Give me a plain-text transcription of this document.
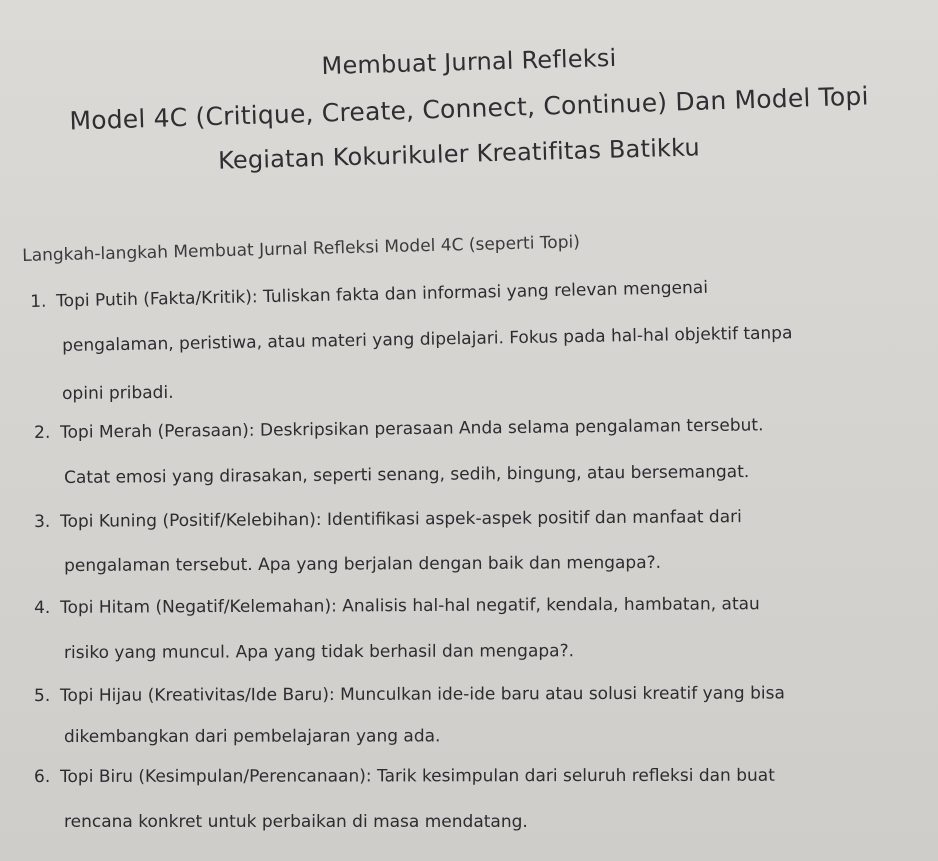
Membuat Jurnal Refleksi
Model 4C (Critique, Create, Connect, Continue) Dan Model Topi
Kegiatan Kokurikuler Kreatifitas Batikku
Langkah-langkah Membuat Jurnal Refleksi Model 4C (seperti Topi)
1. Topi Putih (Fakta/Kritik): Tuliskan fakta dan informasi yang relevan mengenai
pengalaman, peristiwa, atau materi yang dipelajari. Fokus pada hal-hal objektif tanpa
opini pribadi.
2. Topi Merah (Perasaan): Deskripsikan perasaan Anda selama pengalaman tersebut.
Catat emosi yang dirasakan, seperti senang, sedih, bingung, atau bersemangat.
3. Topi Kuning (Positif/Kelebihan): Identifikasi aspek-aspek positif dan manfaat dari
pengalaman tersebut. Apa yang berjalan dengan baik dan mengapa?.
4. Topi Hitam (Negatif/Kelemahan): Analisis hal-hal negatif, kendala, hambatan, atau
risiko yang muncul. Apa yang tidak berhasil dan mengapa?.
5. Topi Hijau (Kreativitas/Ide Baru): Munculkan ide-ide baru atau solusi kreatif yang bisa
dikembangkan dari pembelajaran yang ada.
6. Topi Biru (Kesimpulan/Perencanaan): Tarik kesimpulan dari seluruh refleksi dan buat
rencana konkret untuk perbaikan di masa mendatang.
